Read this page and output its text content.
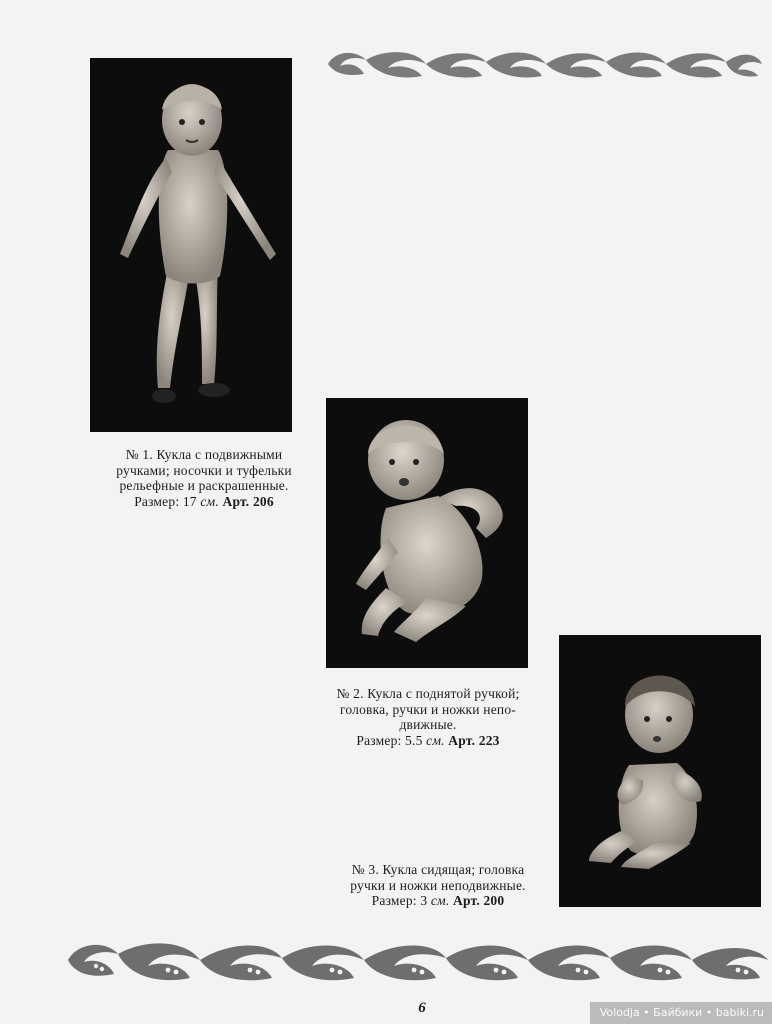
№ 1. Кукла с подвижными
ручками; носочки и туфельки
рельефные и раскрашенные.
Размер: 17 см. Арт. 206
№ 2. Кукла с поднятой ручкой;
головка, ручки и ножки непо-
движные.
Размер: 5.5 см. Арт. 223
№ 3. Кукла сидящая; головка
ручки и ножки неподвижные.
Размер: 3 см. Арт. 200
6	Volodja • Байбики • babiki.ru
